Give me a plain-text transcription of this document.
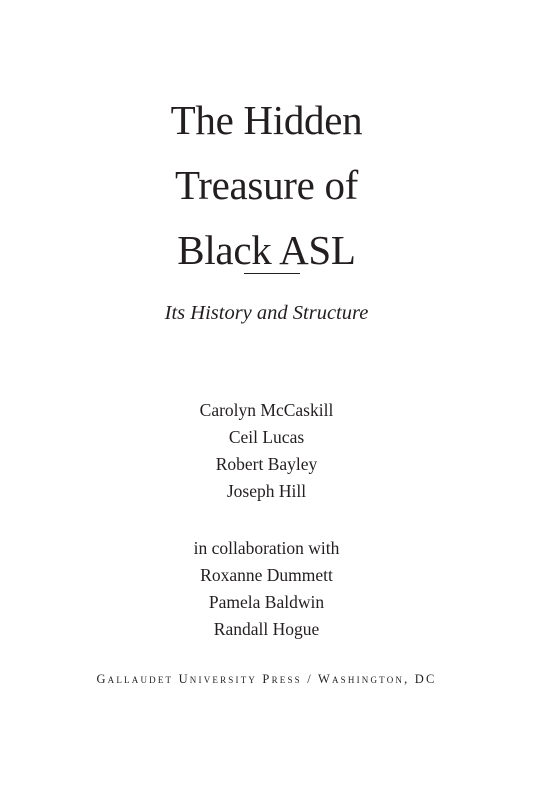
The Hidden
Treasure of
Black ASL
Its History and Structure
Carolyn McCaskill
Ceil Lucas
Robert Bayley
Joseph Hill
in collaboration with
Roxanne Dummett
Pamela Baldwin
Randall Hogue
Gallaudet University Press / Washington, DC
